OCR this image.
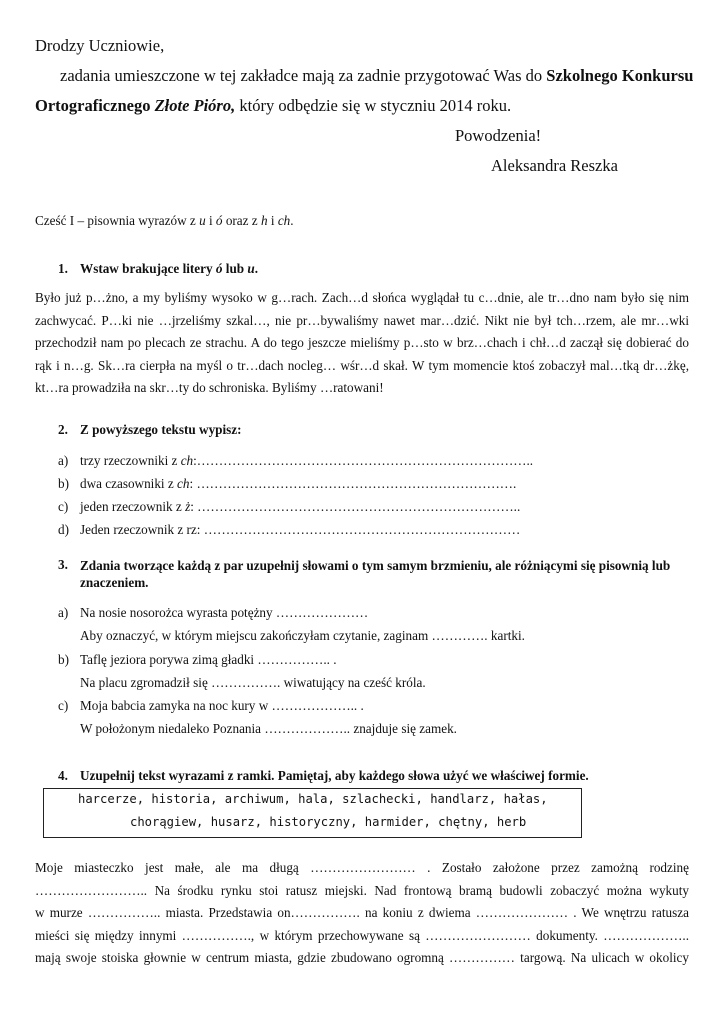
Drodzy Uczniowie,
zadania umieszczone w tej zakładce mają za zadnie przygotować Was do Szkolnego Konkursu
Ortograficznego Złote Pióro, który odbędzie się w styczniu 2014 roku.
Powodzenia!
Aleksandra Reszka
Cześć I – pisownia wyrazów z u i ó oraz z h i ch.
1. Wstaw brakujące litery ó lub u.
Było już p…żno, a my byliśmy wysoko w g…rach. Zach…d słońca wyglądał tu c…dnie, ale tr…dno nam było się nim
zachwycać. P…ki nie …jrzeliśmy szkal…, nie pr…bywaliśmy nawet mar…dzić. Nikt nie był tch…rzem, ale mr…wki
przechodził nam po plecach ze strachu. A do tego jeszcze mieliśmy p…sto w brz…chach i chł…d zaczął się dobierać do
rąk i n…g. Sk…ra cierpła na myśl o tr…dach nocleg… wśr…d skał. W tym momencie ktoś zobaczył mal…tką dr…żkę,
kt…ra prowadziła na skr…ty do schroniska. Byliśmy …ratowani!
2. Z powyższego tekstu wypisz:
a) trzy rzeczowniki z ch:…………………………………………………………………..
b) dwa czasowniki z ch: ……………………………………………………………….
c) jeden rzeczownik z ż: ………………………………………………………………..
d) Jeden rzeczownik z rz: ………………………………………………………………
3. Zdania tworzące każdą z par uzupełnij słowami o tym samym brzmieniu, ale różniącymi się pisownią lub znaczeniem.
a) Na nosie nosorożca wyrasta potężny …………………
Aby oznaczyć, w którym miejscu zakończyłam czytanie, zaginam …………. kartki.
b) Taflę jeziora porywa zimą gładki …………….. .
Na placu zgromadził się ……………. wiwatujący na cześć króla.
c) Moja babcia zamyka na noc kury w ……………….. .
W położonym niedaleko Poznania ……………….. znajduje się zamek.
4. Uzupełnij tekst wyrazami z ramki. Pamiętaj, aby każdego słowa użyć we właściwej formie.
harcerze, historia, archiwum, hala, szlachecki, handlarz, hałas,
chorągiew, husarz, historyczny, harmider, chętny, herb
Moje miasteczko jest małe, ale ma długą …………………… . Zostało założone przez zamożną rodzinę
…………………….. Na środku rynku stoi ratusz miejski. Nad frontową bramą budowli zobaczyć można wykuty
w murze …………….. miasta. Przedstawia on……………. na koniu z dwiema ………………… . We wnętrzu ratusza
mieści się między innymi ……………., w którym przechowywane są …………………… dokumenty. ………………..
mają swoje stoiska głownie w centrum miasta, gdzie zbudowano ogromną …………… targową. Na ulicach w okolicy
